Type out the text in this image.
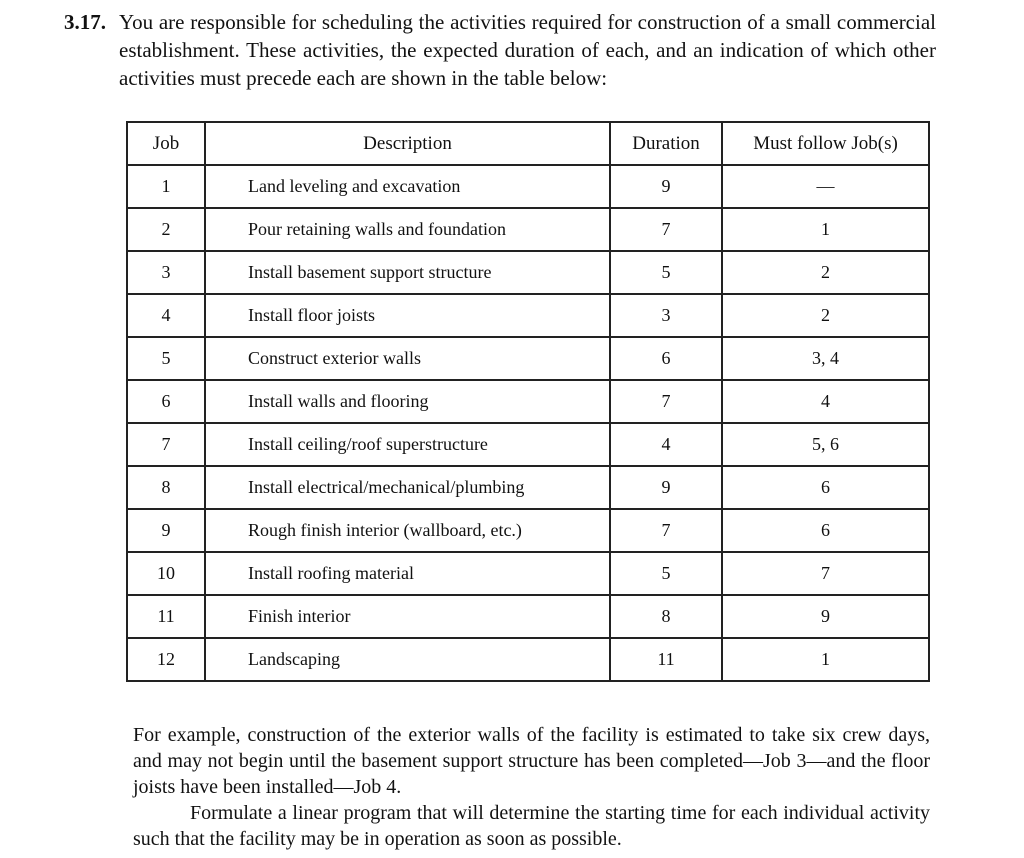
3.17. You are responsible for scheduling the activities required for construction of a small commercial establishment. These activities, the expected duration of each, and an indication of which other activities must precede each are shown in the table below:
Job	Description	Duration	Must follow Job(s)
1	Land leveling and excavation	9	—
2	Pour retaining walls and foundation	7	1
3	Install basement support structure	5	2
4	Install floor joists	3	2
5	Construct exterior walls	6	3, 4
6	Install walls and flooring	7	4
7	Install ceiling/roof superstructure	4	5, 6
8	Install electrical/mechanical/plumbing	9	6
9	Rough finish interior (wallboard, etc.)	7	6
10	Install roofing material	5	7
11	Finish interior	8	9
12	Landscaping	11	1
For example, construction of the exterior walls of the facility is estimated to take six crew days, and may not begin until the basement support structure has been completed—Job 3—and the floor joists have been installed—Job 4.
Formulate a linear program that will determine the starting time for each individual activity such that the facility may be in operation as soon as possible.
